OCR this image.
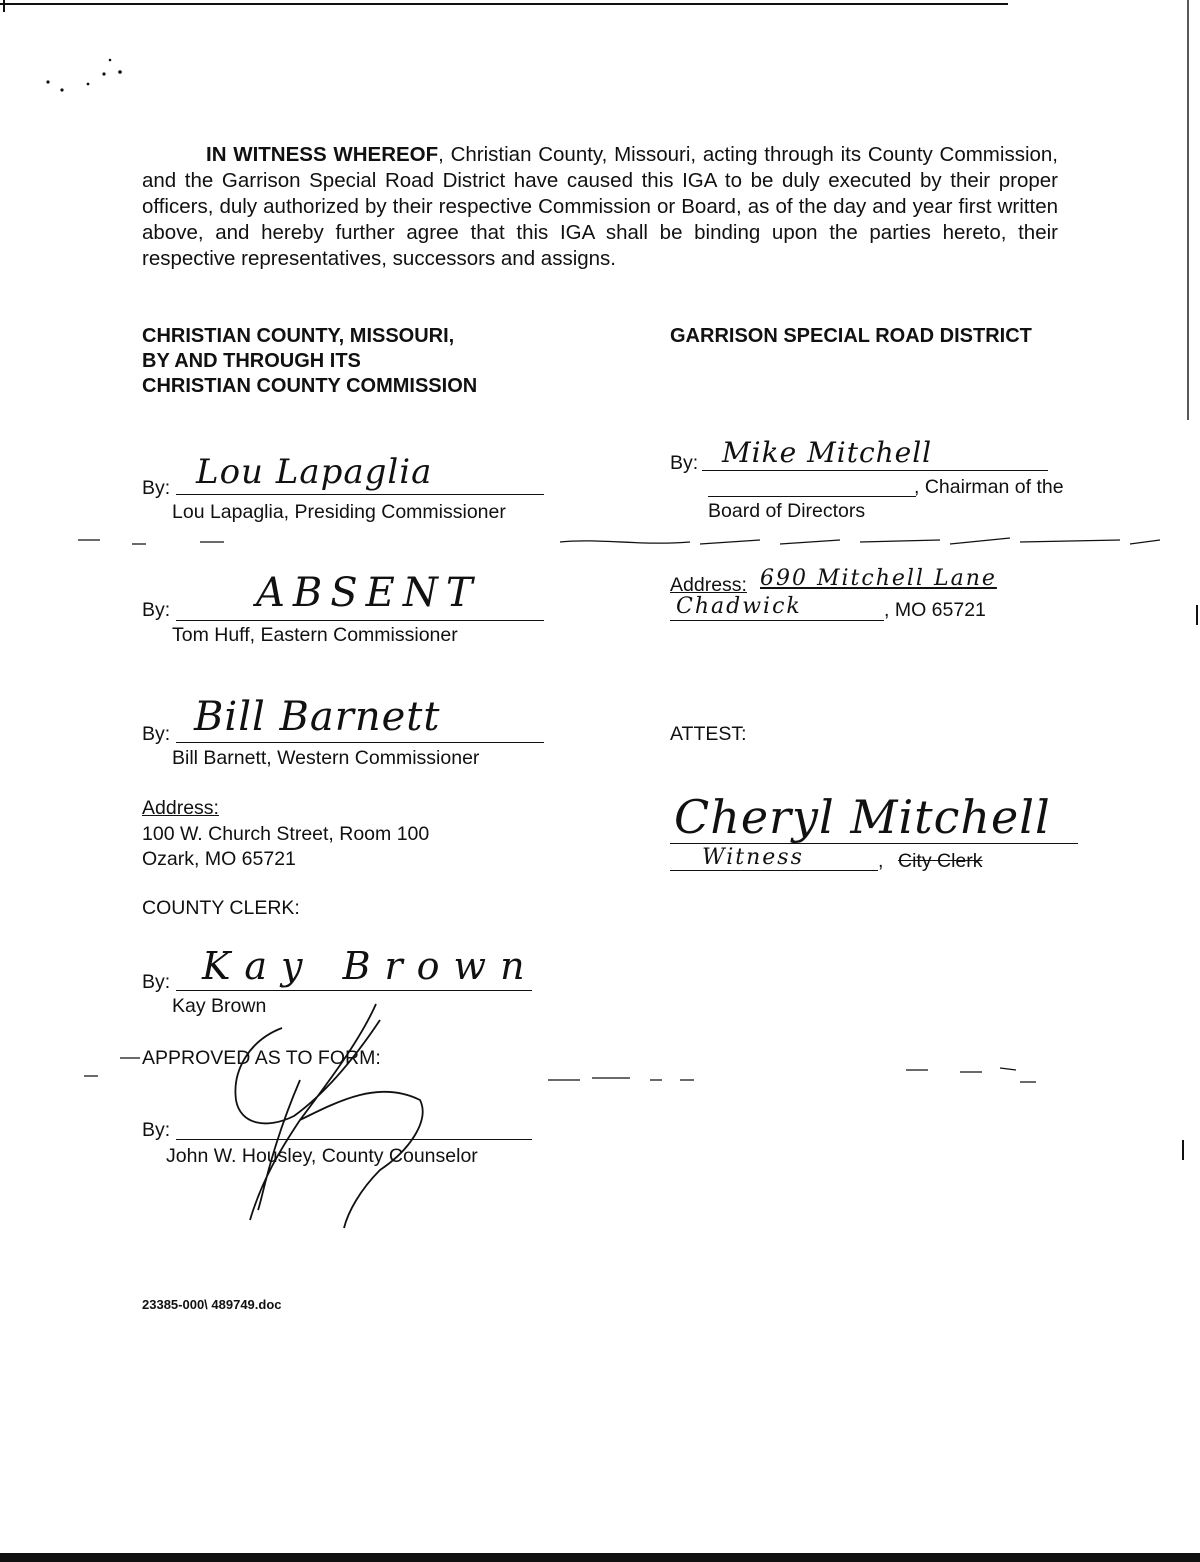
IN WITNESS WHEREOF, Christian County, Missouri, acting through its County Commission, and the Garrison Special Road District have caused this IGA to be duly executed by their proper officers, duly authorized by their respective Commission or Board, as of the day and year first written above, and hereby further agree that this IGA shall be binding upon the parties hereto, their respective representatives, successors and assigns.

CHRISTIAN COUNTY, MISSOURI,
BY AND THROUGH ITS
CHRISTIAN COUNTY COMMISSION
GARRISON SPECIAL ROAD DISTRICT
By: Lou Lapaglia
Lou Lapaglia, Presiding Commissioner
By: ABSENT
Tom Huff, Eastern Commissioner
By: Bill Barnett
Bill Barnett, Western Commissioner
Address:
100 W. Church Street, Room 100
Ozark, MO 65721
COUNTY CLERK:
By: Kay Brown
Kay Brown
APPROVED AS TO FORM:
By:
John W. Housley, County Counselor
By: Mike Mitchell
, Chairman of the
Board of Directors
Address: 690 Mitchell Lane
Chadwick	, MO 65721
ATTEST:
Cheryl Mitchell
Witness	, City Clerk
23385-000\ 489749.doc
